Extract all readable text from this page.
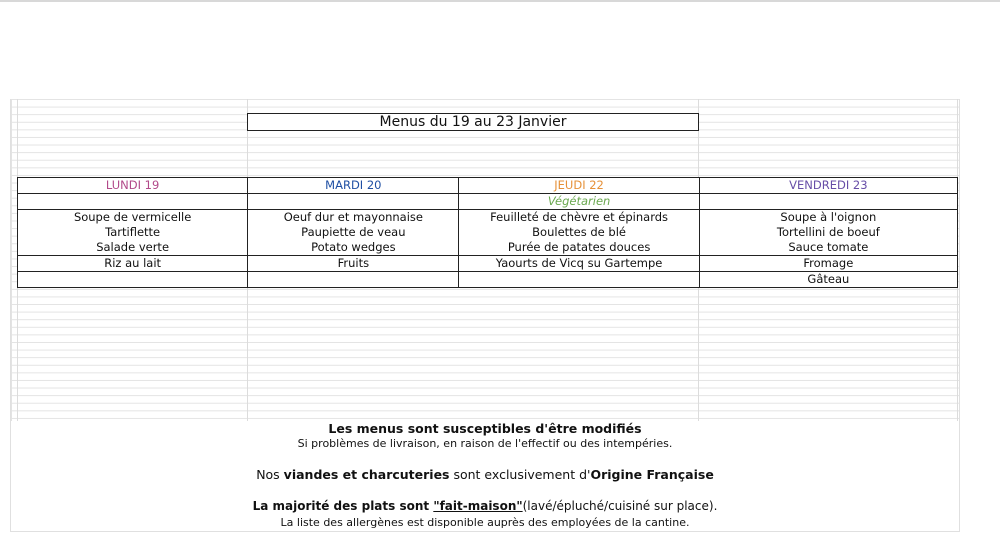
Menus du 19 au 23 Janvier
LUNDI 19	MARDI 20	JEUDI 22	VENDREDI 23
		Végétarien	
Soupe de vermicelle	Oeuf dur et mayonnaise	Feuilleté de chèvre et épinards	Soupe à l'oignon
Tartiflette	Paupiette de veau	Boulettes de blé	Tortellini de boeuf
Salade verte	Potato wedges	Purée de patates douces	Sauce tomate
Riz au lait	Fruits	Yaourts de Vicq su Gartempe	Fromage
			Gâteau
Les menus sont susceptibles d'être modifiés
Si problèmes de livraison, en raison de l'effectif ou des intempéries.
Nos viandes et charcuteries sont exclusivement d'Origine Française
La majorité des plats sont "fait-maison"(lavé/épluché/cuisiné sur place).
La liste des allergènes est disponible auprès des employées de la cantine.
